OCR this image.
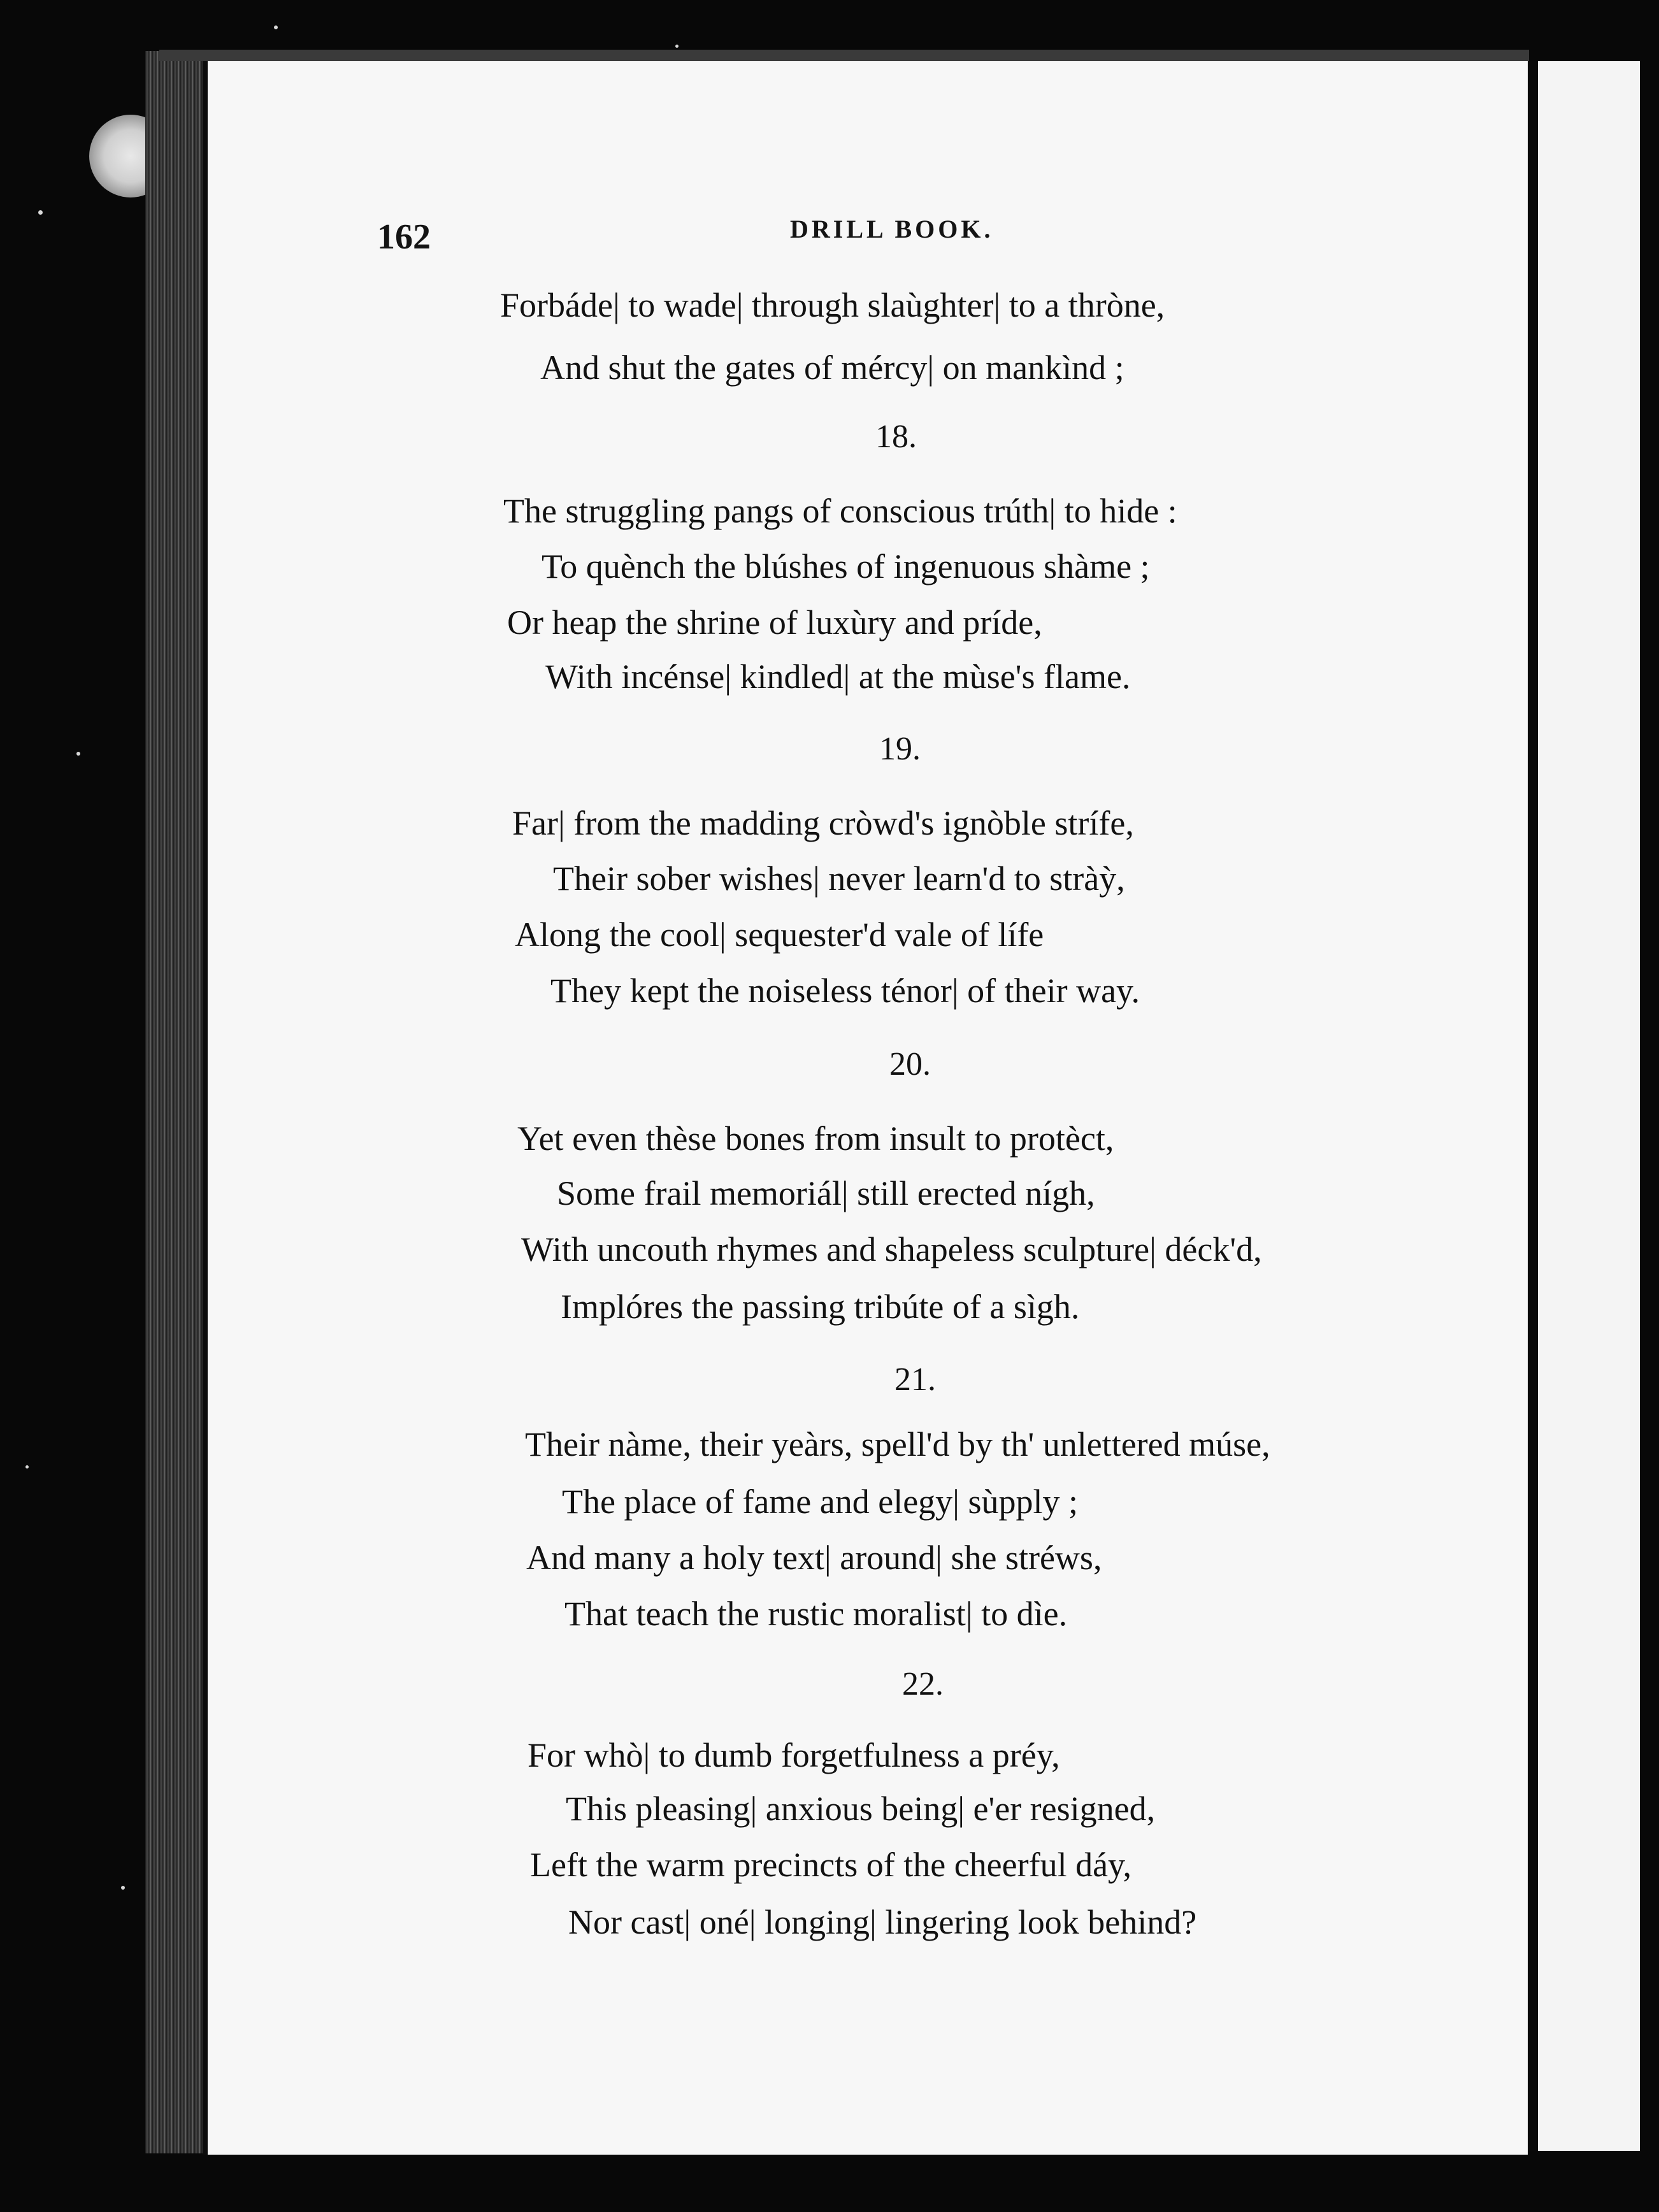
162	DRILL BOOK.
Forbáde| to wade| through slaùghter| to a thròne,
And shut the gates of mércy| on mankìnd ;
18.
The struggling pangs of conscious trúth| to hide :
To quènch the blúshes of ingenuous shàme ;
Or heap the shrine of luxùry and príde,
With incénse| kindled| at the mùse's flame.
19.
Far| from the madding cròwd's ignòble strífe,
Their sober wishes| never learn'd to stràỳ,
Along the cool| sequester'd vale of lífe
They kept the noiseless ténor| of their way.
20.
Yet even thèse bones from insult to protèct,
Some frail memoriál| still erected nígh,
With uncouth rhymes and shapeless sculpture| déck'd,
Implóres the passing tribúte of a sìgh.
21.
Their nàme, their yeàrs, spell'd by th' unlettered múse,
The place of fame and elegy| sùpply ;
And many a holy text| around| she stréws,
That teach the rustic moralist| to dìe.
22.
For whò| to dumb forgetfulness a préy,
This pleasing| anxious being| e'er resigned,
Left the warm precincts of the cheerful dáy,
Nor cast| oné| longing| lingering look behind?
